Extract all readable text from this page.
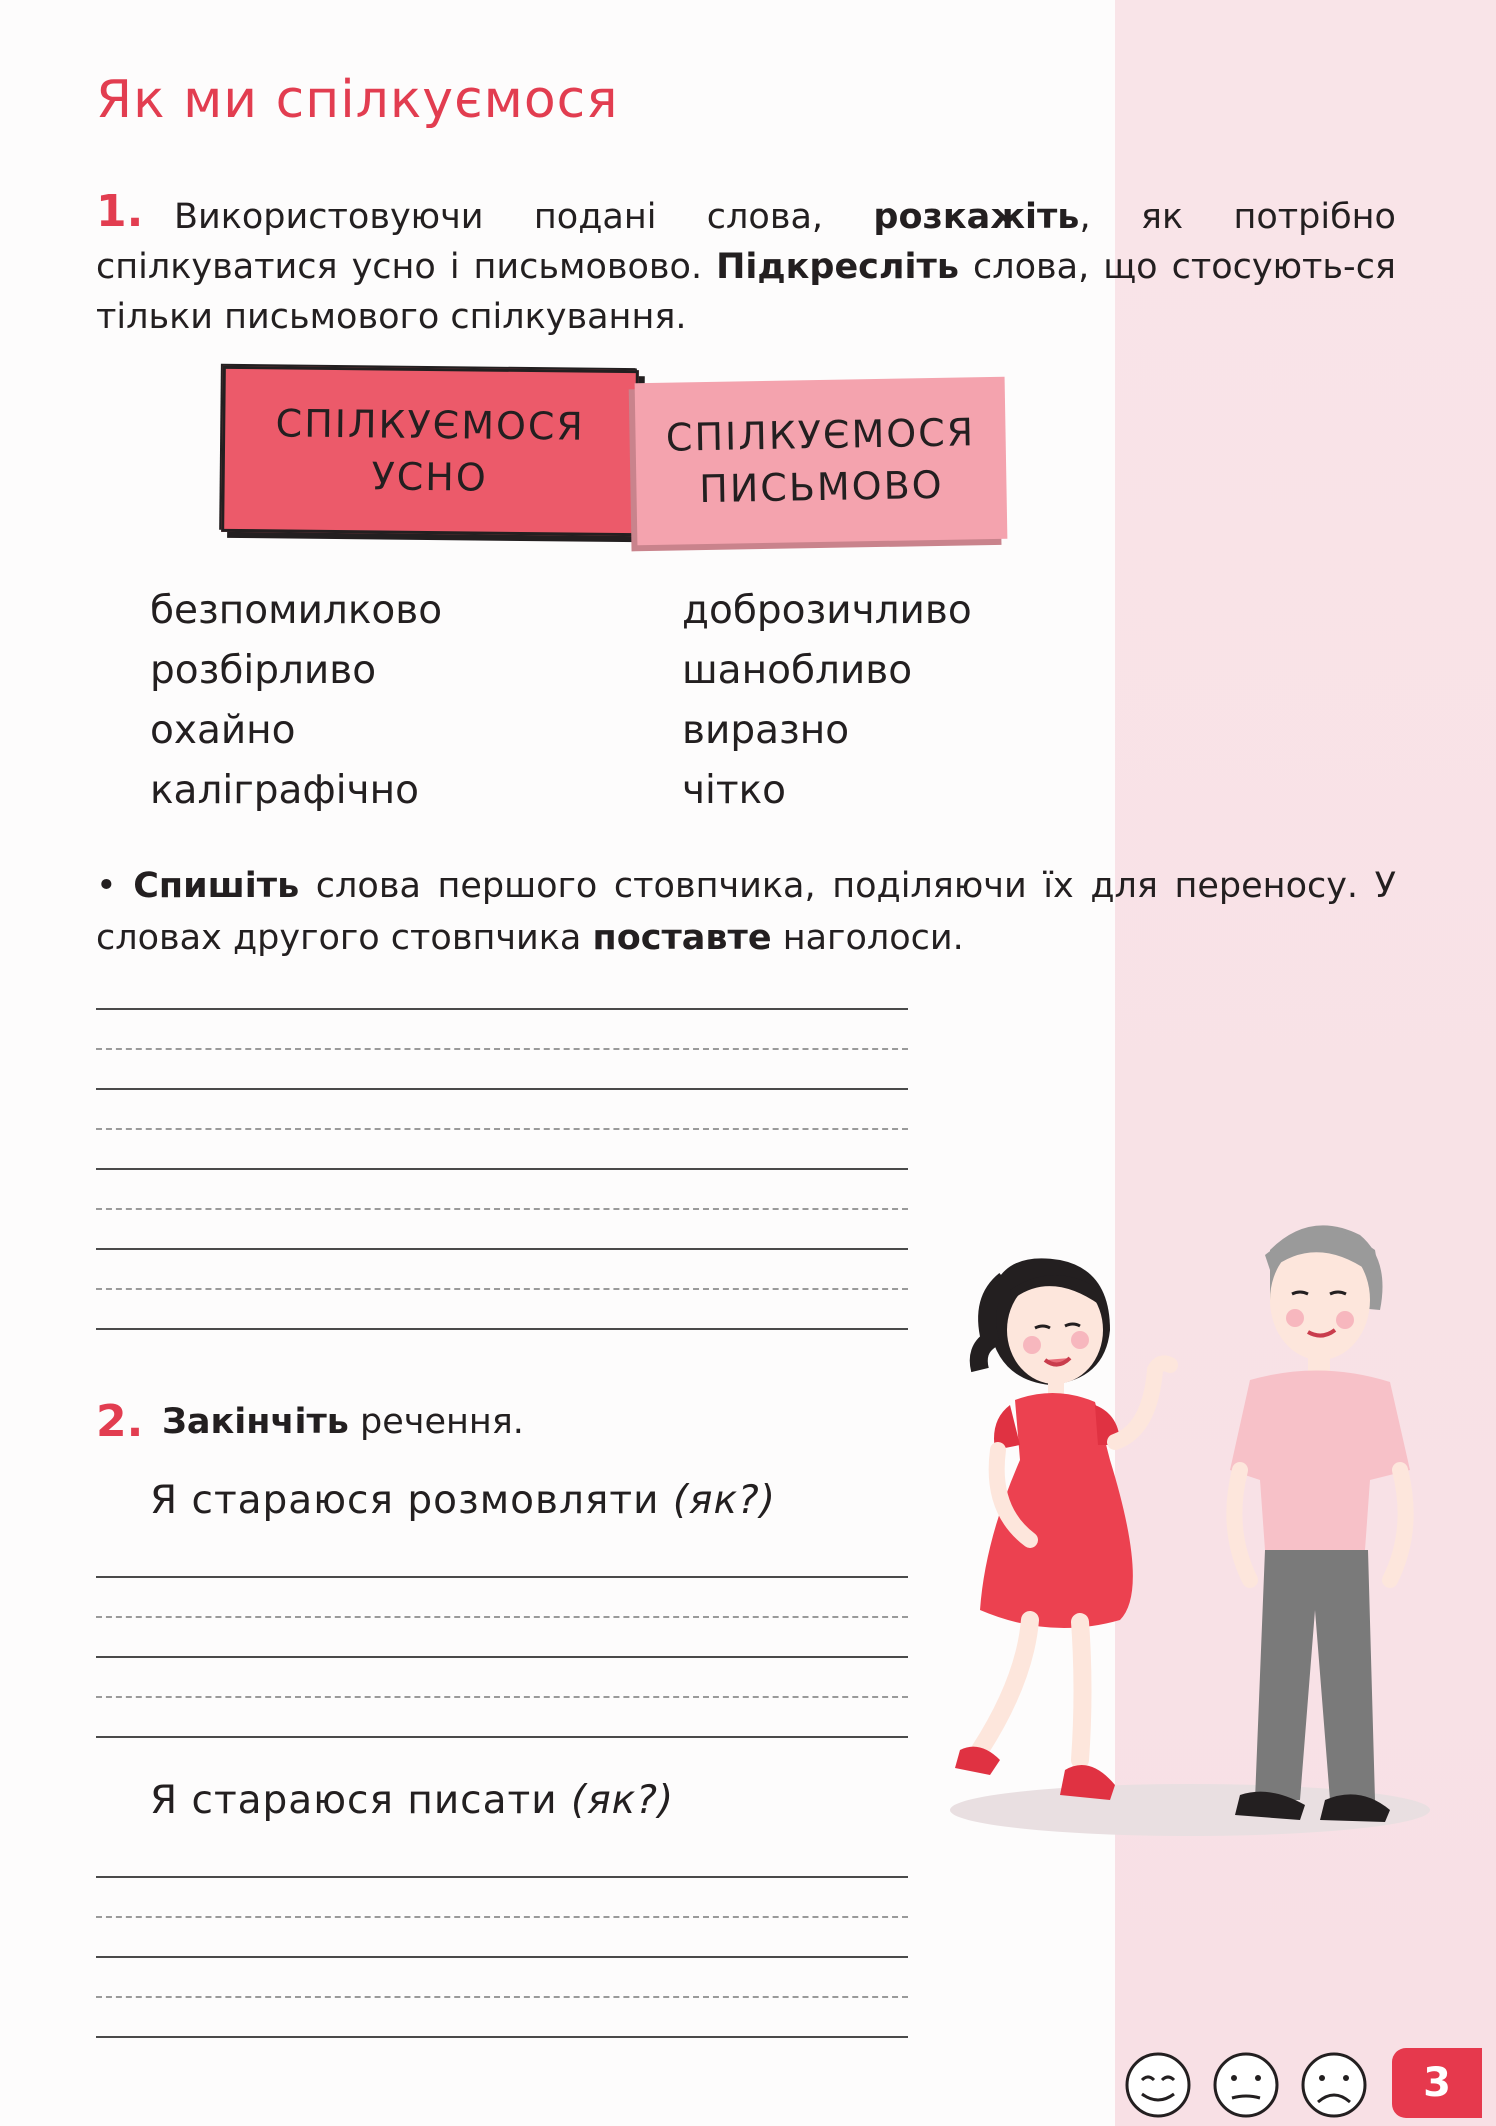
Як ми спілкуємося
1. Використовуючи подані слова, розкажіть, як потрібно спілкуватися усно і письмовово. Підкресліть слова, що стосують-ся тільки письмового спілкування.
СПІЛКУЄМОСЯ
УСНО
СПІЛКУЄМОСЯ
ПИСЬМОВО
безпомилково
розбірливо
охайно
каліграфічно
доброзичливо
шанобливо
виразно
чітко
• Спишіть слова першого стовпчика, поділяючи їх для переносу. У словах другого стовпчика поставте наголоси.
2. Закінчіть речення.
Я стараюся розмовляти (як?)
Я стараюся писати (як?)
3
